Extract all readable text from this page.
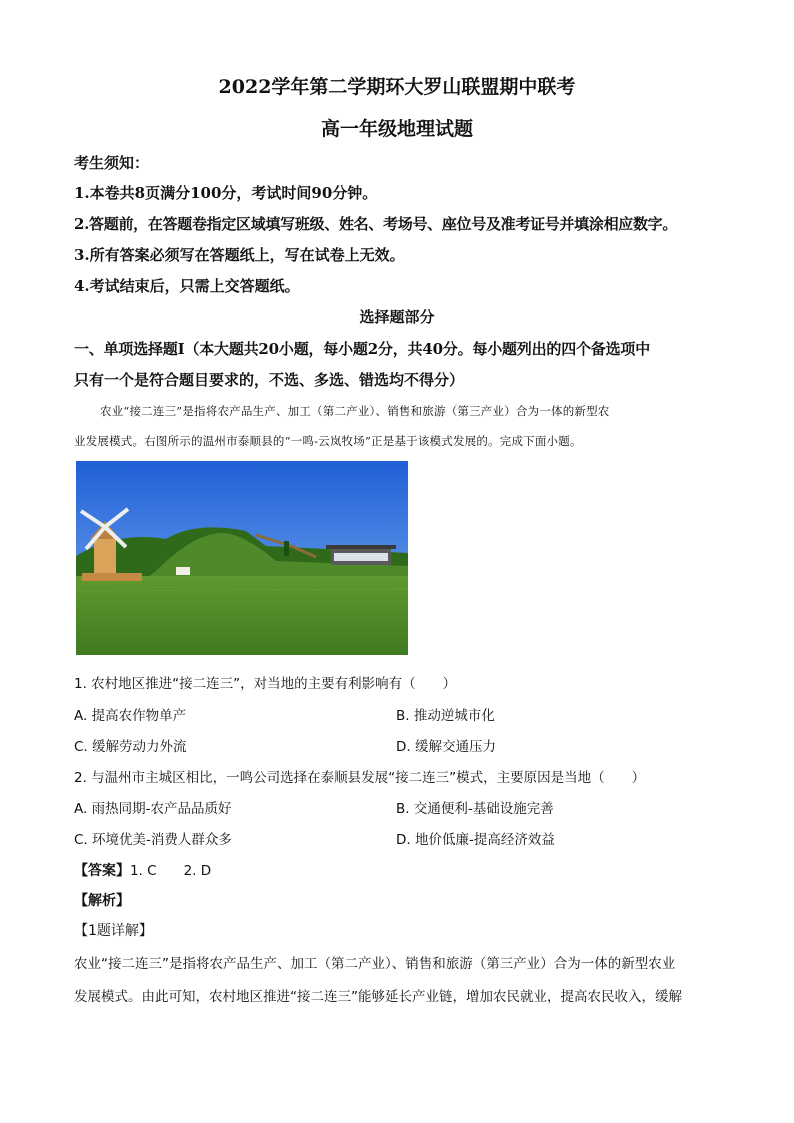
2022学年第二学期环大罗山联盟期中联考
高一年级地理试题
考生须知：
1.本卷共8页满分100分，考试时间90分钟。
2.答题前，在答题卷指定区域填写班级、姓名、考场号、座位号及准考证号并填涂相应数字。
3.所有答案必须写在答题纸上，写在试卷上无效。
4.考试结束后，只需上交答题纸。
选择题部分
一、单项选择题Ⅰ（本大题共20小题，每小题2分，共40分。每小题列出的四个备选项中
只有一个是符合题目要求的，不选、多选、错选均不得分）
农业“接二连三”是指将农产品生产、加工（第二产业）、销售和旅游（第三产业）合为一体的新型农
业发展模式。右图所示的温州市泰顺县的“一鸣-云岚牧场”正是基于该模式发展的。完成下面小题。
1. 农村地区推进“接二连三”，对当地的主要有利影响有（　　）
A. 提高农作物单产	B. 推动逆城市化
C. 缓解劳动力外流	D. 缓解交通压力
2. 与温州市主城区相比，一鸣公司选择在泰顺县发展“接二连三”模式，主要原因是当地（　　）
A. 雨热同期-农产品品质好	B. 交通便利-基础设施完善
C. 环境优美-消费人群众多	D. 地价低廉-提高经济效益
【答案】1. C　　2. D
【解析】
【1题详解】
农业“接二连三”是指将农产品生产、加工（第二产业）、销售和旅游（第三产业）合为一体的新型农业
发展模式。由此可知，农村地区推进“接二连三”能够延长产业链，增加农民就业，提高农民收入，缓解
